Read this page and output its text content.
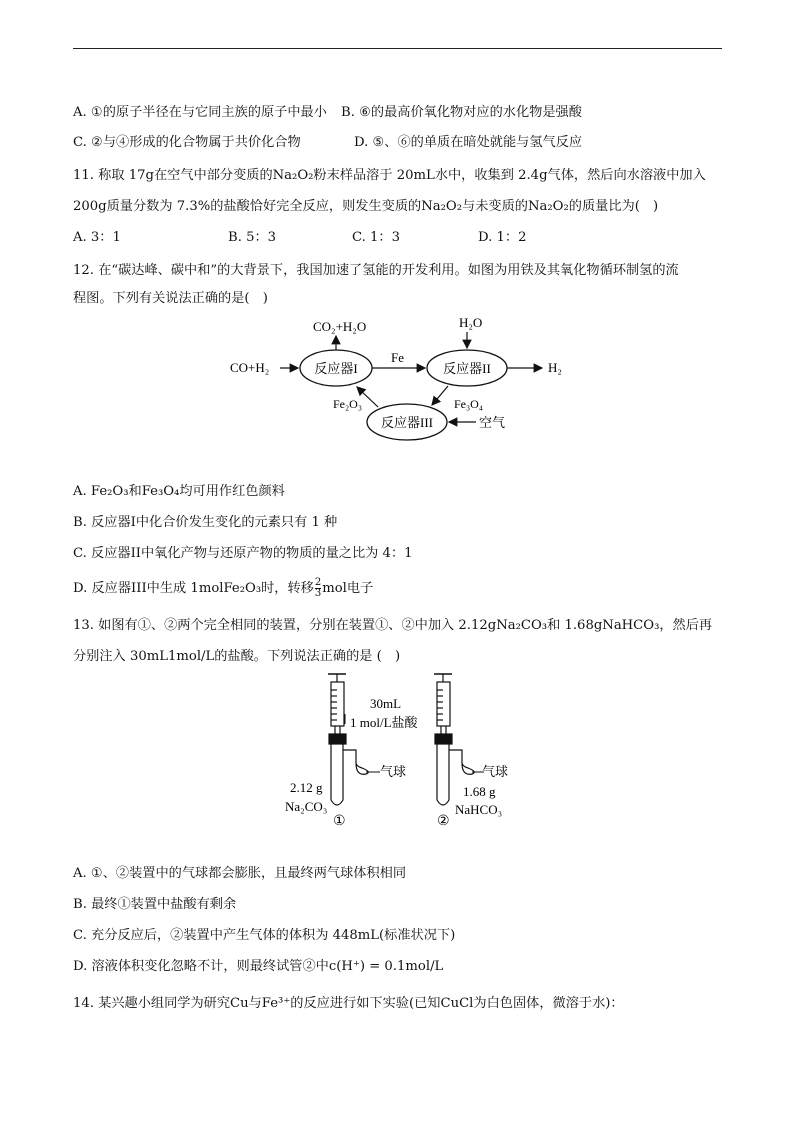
A. ①的原子半径在与它同主族的原子中最小 B. ⑥的最高价氧化物对应的水化物是强酸
C. ②与④形成的化合物属于共价化合物	D. ⑤、⑥的单质在暗处就能与氢气反应
11. 称取 17g在空气中部分变质的Na₂O₂粉末样品溶于 20mL水中，收集到 2.4g气体，然后向水溶液中加入
200g质量分数为 7.3%的盐酸恰好完全反应，则发生变质的Na₂O₂与未变质的Na₂O₂的质量比为(　)
A. 3：1	B. 5：3	C. 1：3	D. 1：2
12. 在“碳达峰、碳中和”的大背景下，我国加速了氢能的开发利用。如图为用铁及其氧化物循环制氢的流
程图。下列有关说法正确的是(　)
CO₂+H₂O	H₂O
CO+H₂	反应器I	反应器II
反应器III
Fe
H₂
Fe₃O₄
Fe₂O₃
空气
A. Fe₂O₃和Fe₃O₄均可用作红色颜料
B. 反应器I中化合价发生变化的元素只有 1 种
C. 反应器II中氧化产物与还原产物的物质的量之比为 4：1
D. 反应器III中生成 1molFe₂O₃时，转移 $\frac{2}{3}$ mol电子
13. 如图有①、②两个完全相同的装置，分别在装置①、②中加入 2.12gNa₂CO₃和 1.68gNaHCO₃，然后再
分别注入 30mL1mol/L的盐酸。下列说法正确的是 (　)
气球
2.12 g
Na₂CO₃
①
气球
1.68 g
NaHCO₃
②
30mL
1 mol/L盐酸
A. ①、②装置中的气球都会膨胀，且最终两气球体积相同
B. 最终①装置中盐酸有剩余
C. 充分反应后，②装置中产生气体的体积为 448mL(标准状况下)
D. 溶液体积变化忽略不计，则最终试管②中c(H⁺) = 0.1mol/L
14. 某兴趣小组同学为研究Cu与Fe³⁺的反应进行如下实验(已知CuCl为白色固体，微溶于水)：
